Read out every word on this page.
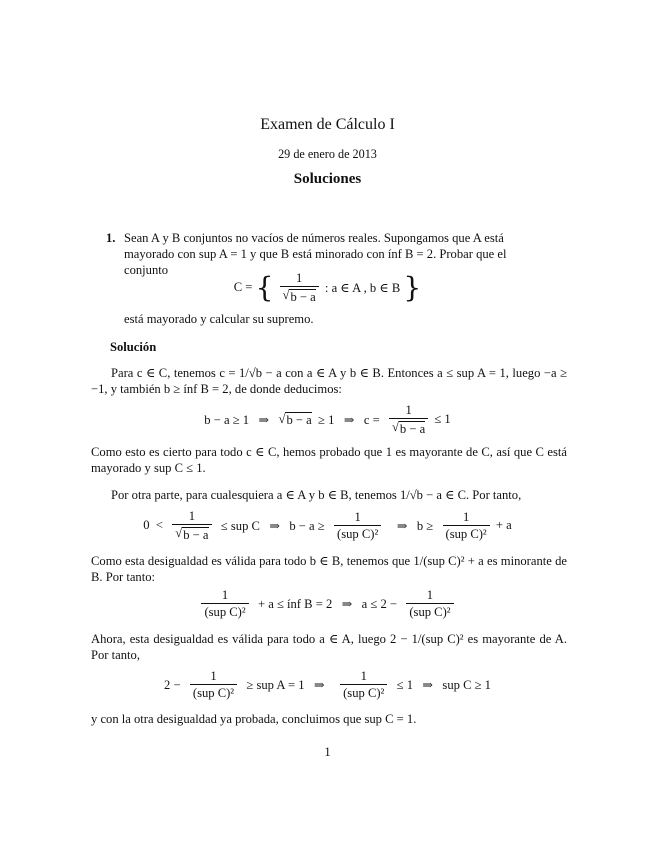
Examen de Cálculo I
29 de enero de 2013
Soluciones
1. Sean A y B conjuntos no vacíos de números reales. Supongamos que A está
mayorado con sup A = 1 y que B está minorado con ínf B = 2. Probar que el
conjunto
C = { $\frac{1}{√b - a}$ : a ∈ A , b ∈ B }
está mayorado y calcular su supremo.
Solución
Para c ∈ C, tenemos c = 1/√b − a con a ∈ A y b ∈ B. Entonces a ≤ sup A = 1, luego −a ≥ −1, y también b ≥ ínf B = 2, de donde deducimos:
b − a ≥ 1   ⇒   √b − a  ≥ 1   ⇒   $c = \frac{1}{√b - a} \le 1$
Como esto es cierto para todo c ∈ C, hemos probado que 1 es mayorante de C, así que C está mayorado y sup C ≤ 1.
Por otra parte, para cualesquiera a ∈ A y b ∈ B, tenemos 1/√b − a ∈ C. Por tanto,
$0 < \frac{1}{√b - a}$ ≤ sup C   ⇒   $b - a \ge \frac{1}{\text{(sup C)²}}$ ⇒   $b \ge \frac{1}{\text{(sup C)²}} + a$
Como esta desigualdad es válida para todo b ∈ B, tenemos que 1/(sup C)² + a es minorante de B. Por tanto:
$\frac{1}{\text{(sup C)²}} + a$ ≤ ínf B = 2   ⇒   $a \le 2 - \frac{1}{\text{(sup C)²}}$
Ahora, esta desigualdad es válida para todo a ∈ A, luego 2 − 1/(sup C)² es mayorante de A. Por tanto,
$2 - \frac{1}{\text{(sup C)²}}$ ≥ sup A = 1   ⇒ $\frac{1}{\text{(sup C)²}} \le 1$   ⇒   sup C ≥ 1
y con la otra desigualdad ya probada, concluimos que sup C = 1.
1
